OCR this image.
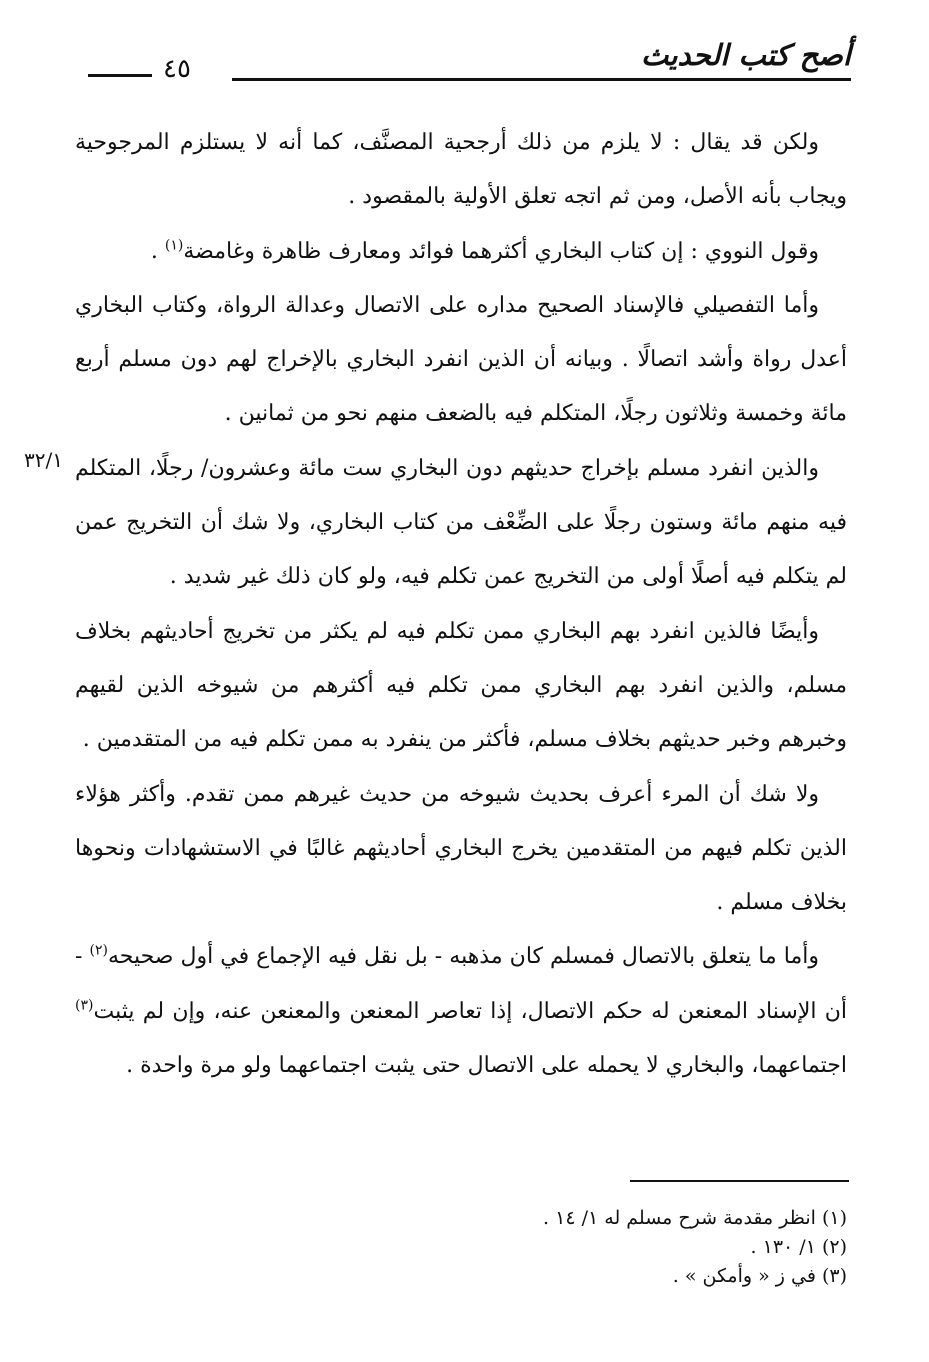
أصح كتب الحديث
٤٥
٣٢/١

ولكن قد يقال : لا يلزم من ذلك أرجحية المصنَّف، كما أنه لا يستلزم المرجوحية ويجاب بأنه الأصل، ومن ثم اتجه تعلق الأولية بالمقصود .

وقول النووي : إن كتاب البخاري أكثرهما فوائد ومعارف ظاهرة وغامضة$^{(١)}$ .

وأما التفصيلي فالإسناد الصحيح مداره على الاتصال وعدالة الرواة، وكتاب البخاري أعدل رواة وأشد اتصالًا . وبيانه أن الذين انفرد البخاري بالإخراج لهم دون مسلم أربع مائة وخمسة وثلاثون رجلًا، المتكلم فيه بالضعف منهم نحو من ثمانين .

والذين انفرد مسلم بإخراج حديثهم دون البخاري ست مائة وعشرون/ رجلًا، المتكلم فيه منهم مائة وستون رجلًا على الضِّعْف من كتاب البخاري، ولا شك أن التخريج عمن لم يتكلم فيه أصلًا أولى من التخريج عمن تكلم فيه، ولو كان ذلك غير شديد .

وأيضًا فالذين انفرد بهم البخاري ممن تكلم فيه لم يكثر من تخريج أحاديثهم بخلاف مسلم، والذين انفرد بهم البخاري ممن تكلم فيه أكثرهم من شيوخه الذين لقيهم وخبرهم وخبر حديثهم بخلاف مسلم، فأكثر من ينفرد به ممن تكلم فيه من المتقدمين .

ولا شك أن المرء أعرف بحديث شيوخه من حديث غيرهم ممن تقدم. وأكثر هؤلاء الذين تكلم فيهم من المتقدمين يخرج البخاري أحاديثهم غالبًا في الاستشهادات ونحوها بخلاف مسلم .

وأما ما يتعلق بالاتصال فمسلم كان مذهبه - بل نقل فيه الإجماع في أول صحيحه$^{(٢)}$ - أن الإسناد المعنعن له حكم الاتصال، إذا تعاصر المعنعن والمعنعن عنه، وإن لم يثبت$^{(٣)}$ اجتماعهما، والبخاري لا يحمله على الاتصال حتى يثبت اجتماعهما ولو مرة واحدة .

(١) انظر مقدمة شرح مسلم له ١/ ١٤ .
(٢) ١/ ١٣٠ .
(٣) في ز « وأمكن » .
